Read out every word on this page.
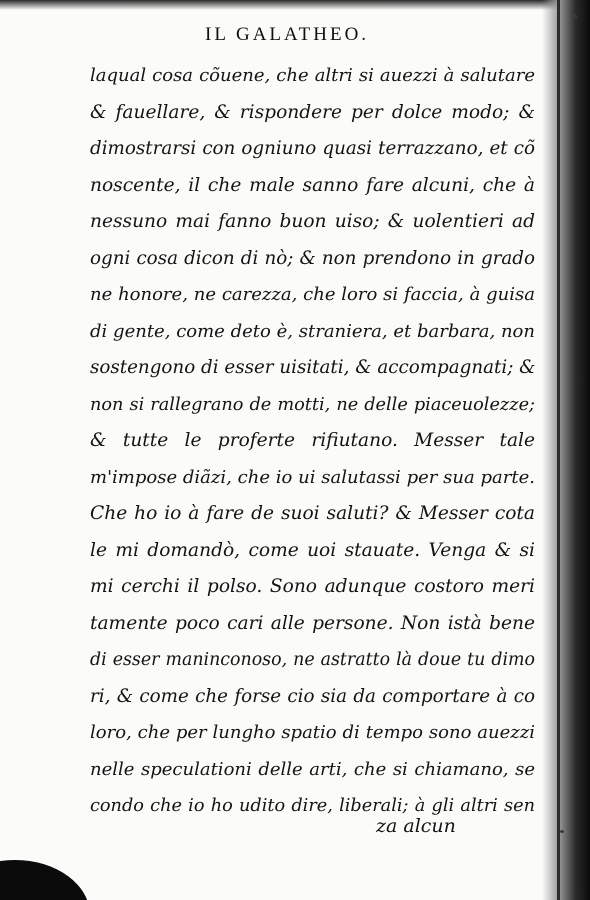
IL GALATHEO.
laqual cosa cõuene, che altri si auezzi à salutare
& fauellare, & rispondere per dolce modo; &
dimostrarsi con ogniuno quasi terrazzano, et cõ
noscente, il che male sanno fare alcuni, che à
nessuno mai fanno buon uiso; & uolentieri ad
ogni cosa dicon di nò; & non prendono in grado
ne honore, ne carezza, che loro si faccia, à guisa
di gente, come deto è, straniera, et barbara, non
sostengono di esser uisitati, & accompagnati; &
non si rallegrano de motti, ne delle piaceuolezze;
& tutte le proferte rifiutano. Messer tale
m'impose diãzi, che io ui salutassi per sua parte.
Che ho io à fare de suoi saluti? & Messer cota
le mi domandò, come uoi stauate. Venga & si
mi cerchi il polso. Sono adunque costoro meri
tamente poco cari alle persone. Non istà bene
di esser maninconoso, ne astratto là doue tu dimo
ri, & come che forse cio sia da comportare à co
loro, che per lungho spatio di tempo sono auezzi
nelle speculationi delle arti, che si chiamano, se
condo che io ho udito dire, liberali; à gli altri sen
za alcun
